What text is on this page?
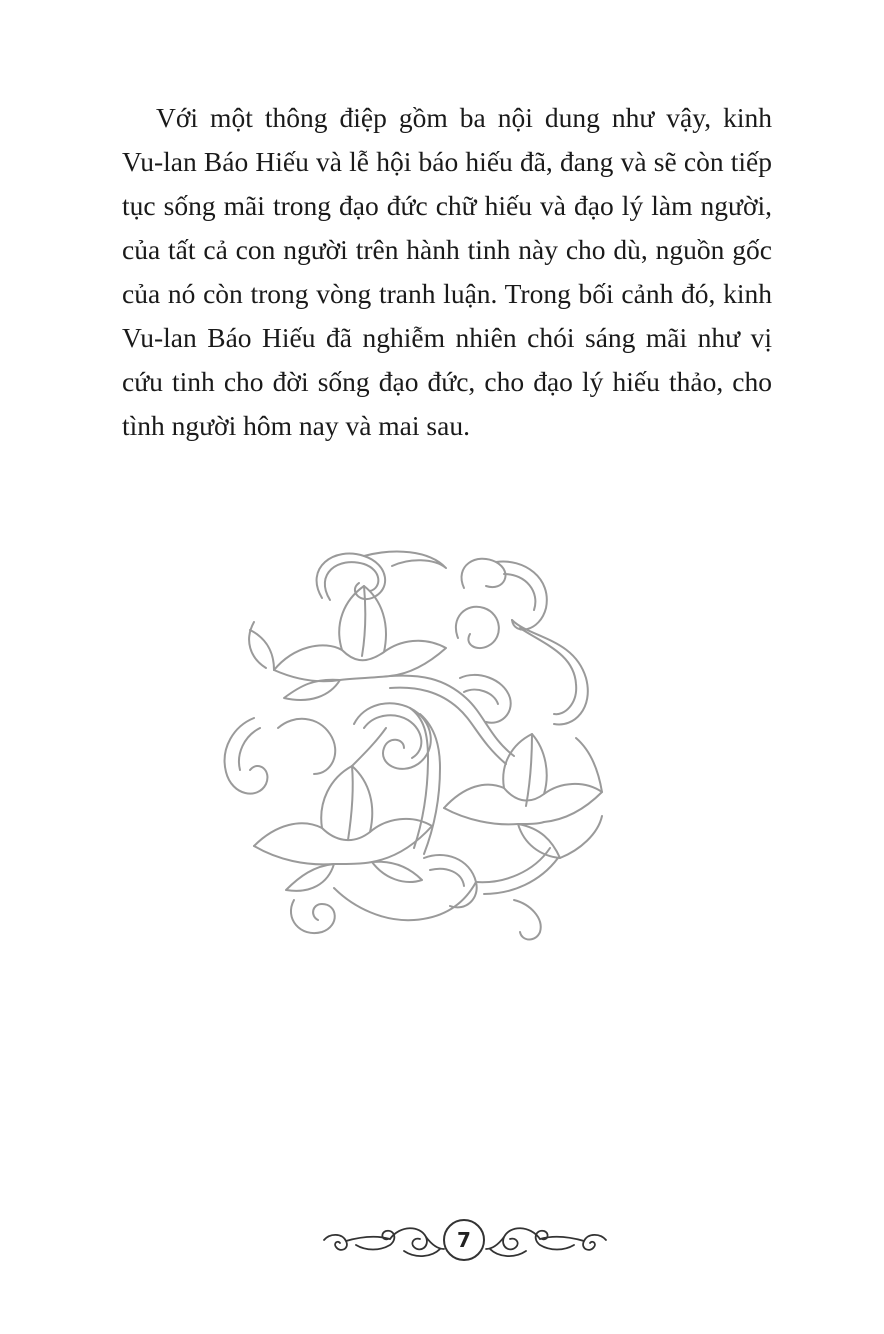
Với một thông điệp gồm ba nội dung như vậy, kinh
Vu-lan Báo Hiếu và lễ hội báo hiếu đã, đang và sẽ còn tiếp
tục sống mãi trong đạo đức chữ hiếu và đạo lý làm người,
của tất cả con người trên hành tinh này cho dù, nguồn gốc
của nó còn trong vòng tranh luận. Trong bối cảnh đó, kinh
Vu-lan Báo Hiếu đã nghiễm nhiên chói sáng mãi như vị
cứu tinh cho đời sống đạo đức, cho đạo lý hiếu thảo, cho
tình người hôm nay và mai sau.
7
